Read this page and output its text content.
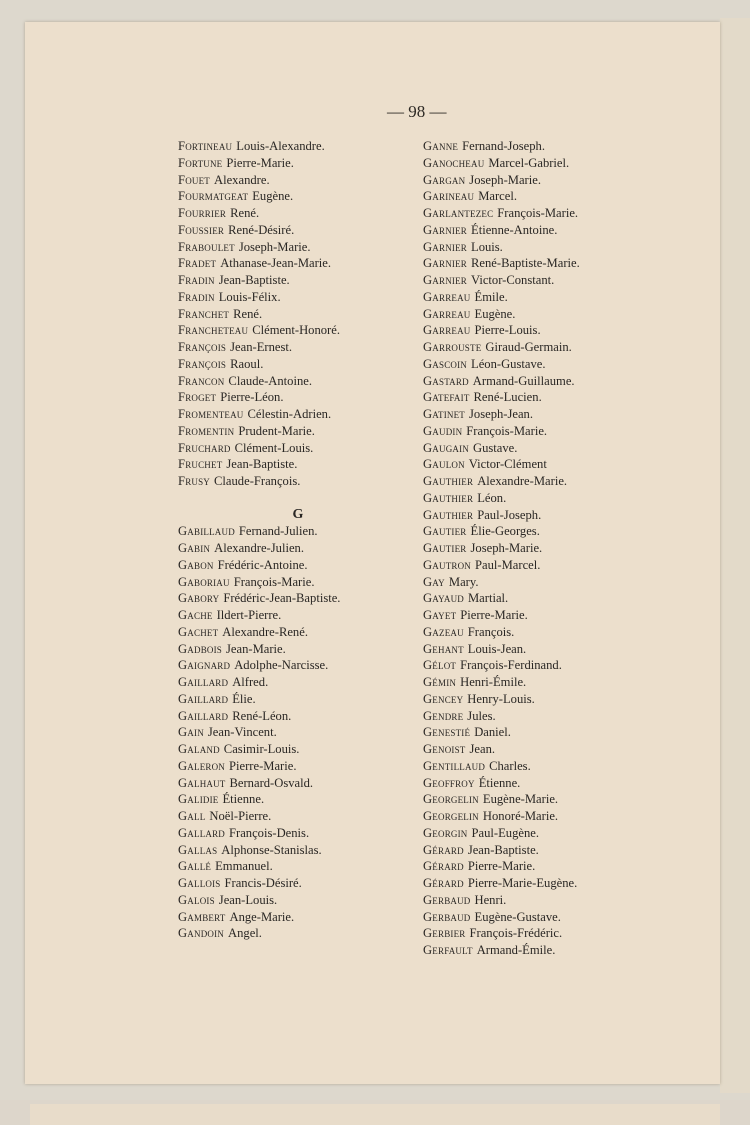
— 98 —
Fortineau Louis-Alexandre.
Fortune Pierre-Marie.
Fouet Alexandre.
Fourmatgeat Eugène.
Fourrier René.
Foussier René-Désiré.
Fraboulet Joseph-Marie.
Fradet Athanase-Jean-Marie.
Fradin Jean-Baptiste.
Fradin Louis-Félix.
Franchet René.
Francheteau Clément-Honoré.
François Jean-Ernest.
François Raoul.
Francon Claude-Antoine.
Froget Pierre-Léon.
Fromenteau Célestin-Adrien.
Fromentin Prudent-Marie.
Fruchard Clément-Louis.
Fruchet Jean-Baptiste.
Frusy Claude-François.
G
Gabillaud Fernand-Julien.
Gabin Alexandre-Julien.
Gabon Frédéric-Antoine.
Gaboriau François-Marie.
Gabory Frédéric-Jean-Baptiste.
Gache Ildert-Pierre.
Gachet Alexandre-René.
Gadbois Jean-Marie.
Gaignard Adolphe-Narcisse.
Gaillard Alfred.
Gaillard Élie.
Gaillard René-Léon.
Gain Jean-Vincent.
Galand Casimir-Louis.
Galeron Pierre-Marie.
Galhaut Bernard-Osvald.
Galidie Étienne.
Gall Noël-Pierre.
Gallard François-Denis.
Gallas Alphonse-Stanislas.
Gallé Emmanuel.
Gallois Francis-Désiré.
Galois Jean-Louis.
Gambert Ange-Marie.
Gandoin Angel.
Ganne Fernand-Joseph.
Ganocheau Marcel-Gabriel.
Gargan Joseph-Marie.
Garineau Marcel.
Garlantezec François-Marie.
Garnier Étienne-Antoine.
Garnier Louis.
Garnier René-Baptiste-Marie.
Garnier Victor-Constant.
Garreau Émile.
Garreau Eugène.
Garreau Pierre-Louis.
Garrouste Giraud-Germain.
Gascoin Léon-Gustave.
Gastard Armand-Guillaume.
Gatefait René-Lucien.
Gatinet Joseph-Jean.
Gaudin François-Marie.
Gaugain Gustave.
Gaulon Victor-Clément
Gauthier Alexandre-Marie.
Gauthier Léon.
Gauthier Paul-Joseph.
Gautier Élie-Georges.
Gautier Joseph-Marie.
Gautron Paul-Marcel.
Gay Mary.
Gayaud Martial.
Gayet Pierre-Marie.
Gazeau François.
Gehant Louis-Jean.
Gélot François-Ferdinand.
Gémin Henri-Émile.
Gencey Henry-Louis.
Gendre Jules.
Genestié Daniel.
Genoist Jean.
Gentillaud Charles.
Geoffroy Étienne.
Georgelin Eugène-Marie.
Georgelin Honoré-Marie.
Georgin Paul-Eugène.
Gérard Jean-Baptiste.
Gérard Pierre-Marie.
Gérard Pierre-Marie-Eugène.
Gerbaud Henri.
Gerbaud Eugène-Gustave.
Gerbier François-Frédéric.
Gerfault Armand-Émile.
